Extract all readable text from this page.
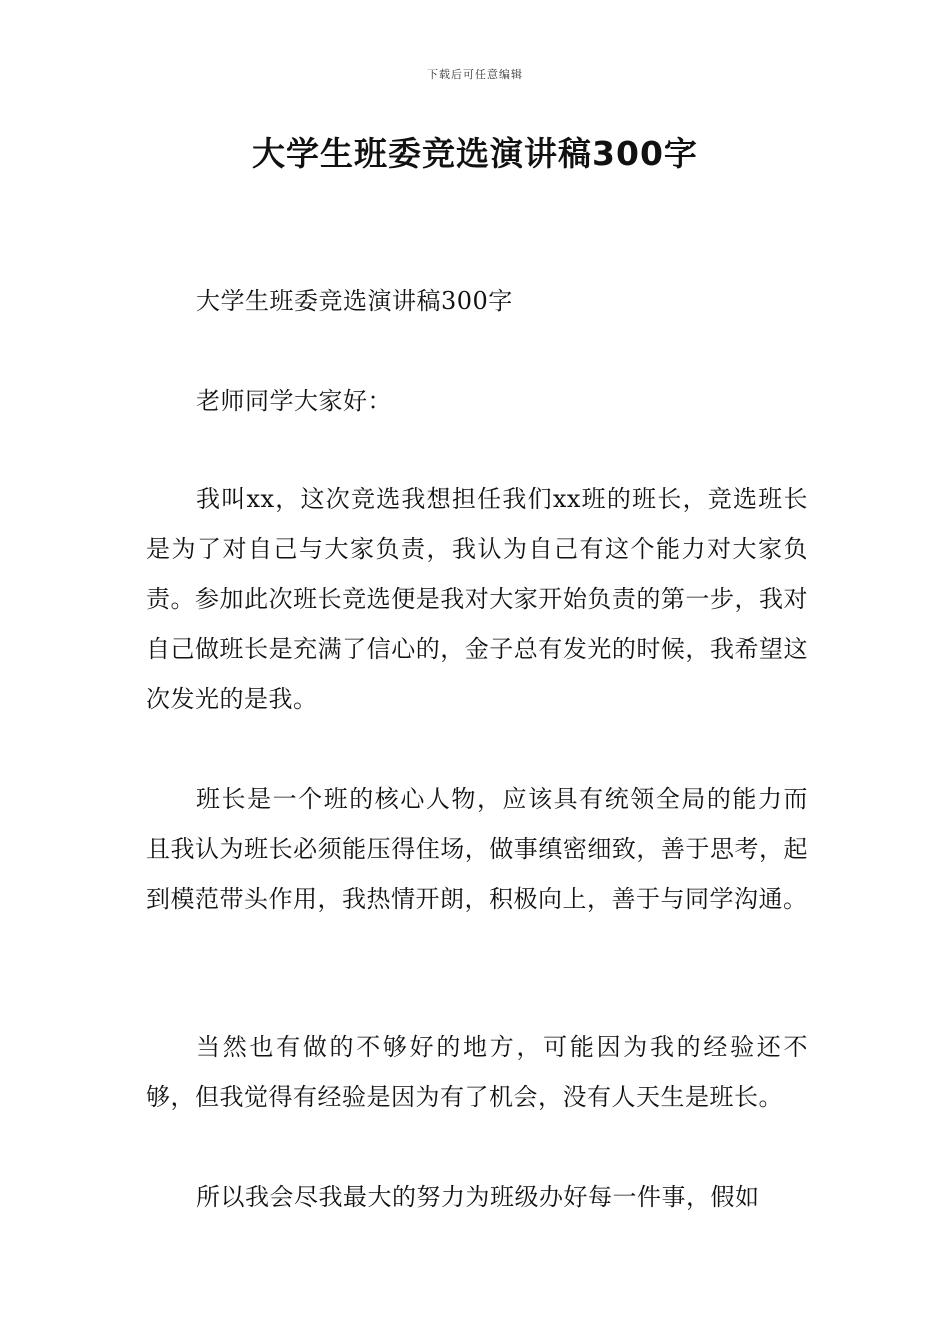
下载后可任意编辑
大学生班委竞选演讲稿300字

大学生班委竞选演讲稿300字

老师同学大家好：

我叫xx，这次竞选我想担任我们xx班的班长，竞选班长是为了对自己与大家负责，我认为自己有这个能力对大家负责。参加此次班长竞选便是我对大家开始负责的第一步，我对自己做班长是充满了信心的，金子总有发光的时候，我希望这次发光的是我。

班长是一个班的核心人物，应该具有统领全局的能力而且我认为班长必须能压得住场，做事缜密细致，善于思考，起到模范带头作用，我热情开朗，积极向上，善于与同学沟通。

当然也有做的不够好的地方，可能因为我的经验还不够，但我觉得有经验是因为有了机会，没有人天生是班长。

所以我会尽我最大的努力为班级办好每一件事，假如
